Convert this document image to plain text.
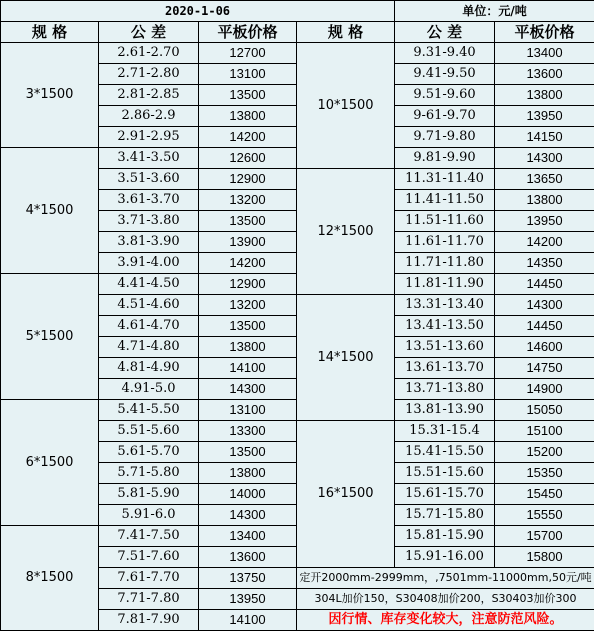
2020-1-06				单位：元/吨	
规 格	公 差	平板价格	规 格	公 差	平板价格
3*1500	2.61-2.70	12700	10*1500	9.31-9.40	13400
	2.71-2.80	13100		9.41-9.50	13600
	2.81-2.85	13500		9.51-9.60	13800
	2.86-2.9	13800		9-61-9.70	13950
	2.91-2.95	14200		9.71-9.80	14150
4*1500	3.41-3.50	12600		9.81-9.90	14300
	3.51-3.60	12900	12*1500	11.31-11.40	13650
	3.61-3.70	13200		11.41-11.50	13800
	3.71-3.80	13500		11.51-11.60	13950
	3.81-3.90	13900		11.61-11.70	14200
	3.91-4.00	14200		11.71-11.80	14350
5*1500	4.41-4.50	12900		11.81-11.90	14450
	4.51-4.60	13200	14*1500	13.31-13.40	14300
	4.61-4.70	13500		13.41-13.50	14450
	4.71-4.80	13800		13.51-13.60	14600
	4.81-4.90	14100		13.61-13.70	14750
	4.91-5.0	14300		13.71-13.80	14900
6*1500	5.41-5.50	13100		13.81-13.90	15050
	5.51-5.60	13300	16*1500	15.31-15.4	15100
	5.61-5.70	13500		15.41-15.50	15200
	5.71-5.80	13800		15.51-15.60	15350
	5.81-5.90	14000		15.61-15.70	15450
	5.91-6.0	14300		15.71-15.80	15550
8*1500	7.41-7.50	13400		15.81-15.90	15700
	7.51-7.60	13600		15.91-16.00	15800
	7.61-7.70	13750	定开2000mm-2999mm，,7501mm-11000mm,50元/吨		
	7.71-7.80	13950	304L加价150，S30408加价200，S30403加价300		
	7.81-7.90	14100	因行情、库存变化较大，注意防范风险。		
